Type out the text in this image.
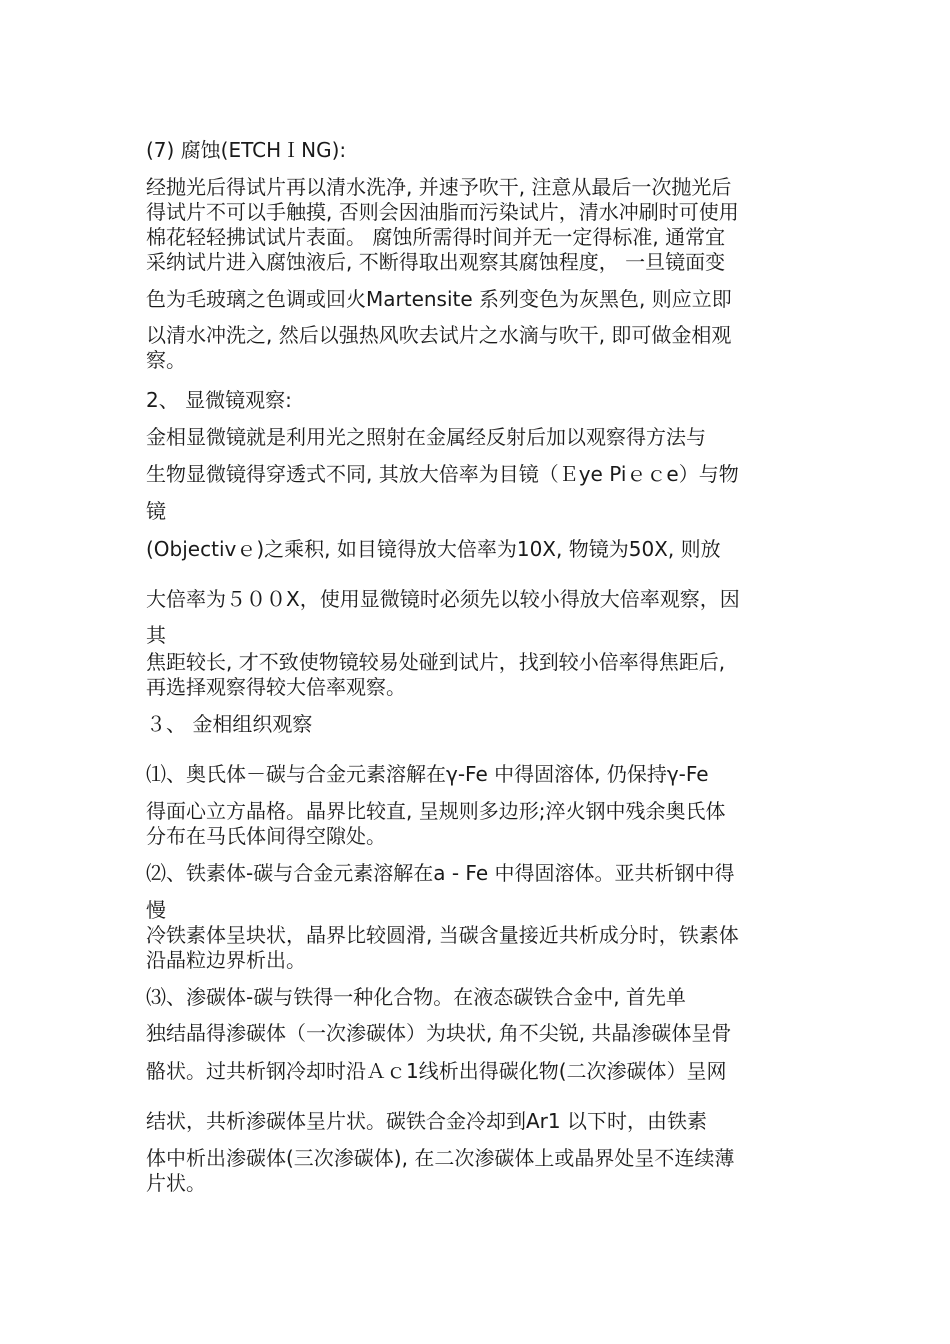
(7) 腐蚀(ETCHＩNG):
经抛光后得试片再以清水洗净, 并速予吹干, 注意从最后一次抛光后
得试片不可以手触摸, 否则会因油脂而污染试片，清水冲刷时可使用
棉花轻轻拂试试片表面。 腐蚀所需得时间并无一定得标准, 通常宜
采纳试片进入腐蚀液后, 不断得取出观察其腐蚀程度， 一旦镜面变
色为毛玻璃之色调或回火Martensite 系列变色为灰黑色, 则应立即
以清水冲洗之, 然后以强热风吹去试片之水滴与吹干, 即可做金相观
察。
2、 显微镜观察:
金相显微镜就是利用光之照射在金属经反射后加以观察得方法与
生物显微镜得穿透式不同, 其放大倍率为目镜（Ｅye Piｅｃe）与物
镜
(Objectivｅ)之乘积, 如目镜得放大倍率为10X, 物镜为50X, 则放
大倍率为５００X，使用显微镜时必须先以较小得放大倍率观察，因
其
焦距较长, 才不致使物镜较易处碰到试片，找到较小倍率得焦距后,
再选择观察得较大倍率观察。
３、 金相组织观察
⑴、奥氏体－碳与合金元素溶解在γ-Fe 中得固溶体, 仍保持γ-Fe
得面心立方晶格。晶界比较直, 呈规则多边形;淬火钢中残余奥氏体
分布在马氏体间得空隙处。
⑵、铁素体-碳与合金元素溶解在a - Fe 中得固溶体。亚共析钢中得
慢
冷铁素体呈块状，晶界比较圆滑, 当碳含量接近共析成分时，铁素体
沿晶粒边界析出。
⑶、渗碳体-碳与铁得一种化合物。在液态碳铁合金中, 首先单
独结晶得渗碳体（一次渗碳体）为块状, 角不尖锐, 共晶渗碳体呈骨
骼状。过共析钢冷却时沿Ａｃ1线析出得碳化物(二次渗碳体）呈网
结状，共析渗碳体呈片状。碳铁合金冷却到Ar1 以下时，由铁素
体中析出渗碳体(三次渗碳体), 在二次渗碳体上或晶界处呈不连续薄
片状。
